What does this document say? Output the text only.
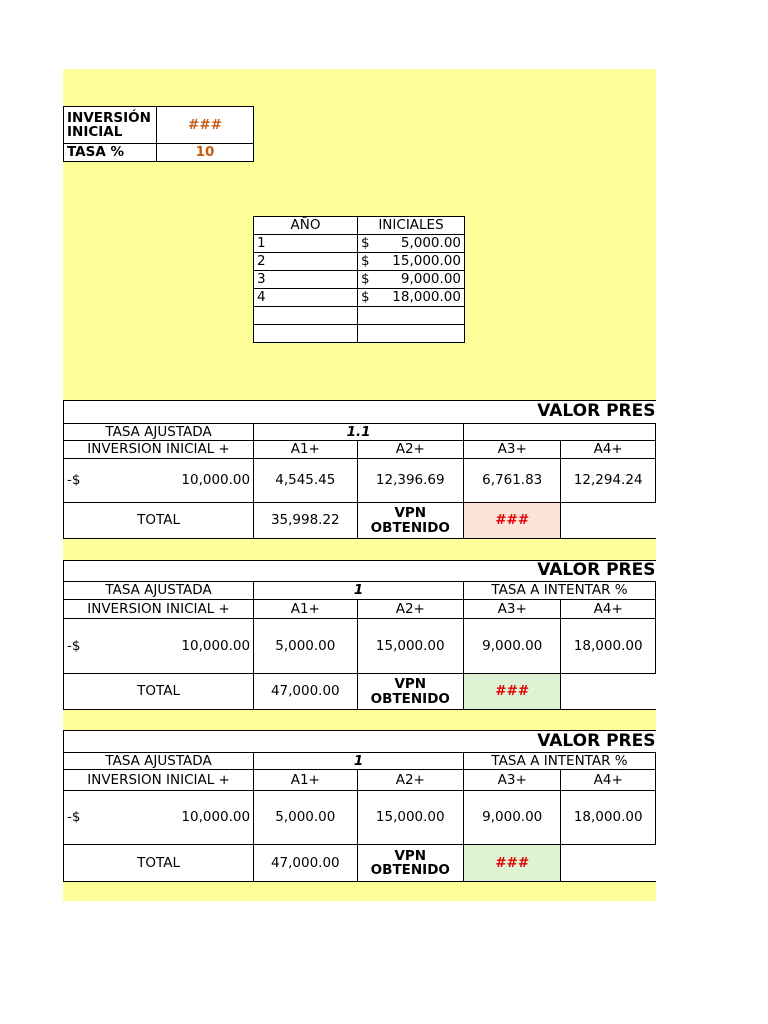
INVERSIÓN INICIAL	###
TASA %	10
AÑO	INICIALES
1	$ 5,000.00

2	$ 15,000.00

3	$ 9,000.00

4	$ 18,000.00

VALOR PRES				
TASA AJUSTADA	1.1			
INVERSION INICIAL +	A1+	A2+	A3+	A4+

-$ 10,000.00	4,545.45	12,396.69	6,761.83	12,294.24
TOTAL	35,998.22	VPN OBTENIDO	###	
VALOR PRES				
TASA AJUSTADA	1		TASA A INTENTAR %	
INVERSION INICIAL +	A1+	A2+	A3+	A4+

-$ 10,000.00	5,000.00	15,000.00	9,000.00	18,000.00
TOTAL	47,000.00	VPN OBTENIDO	###	
VALOR PRES				
TASA AJUSTADA	1		TASA A INTENTAR %	
INVERSION INICIAL +	A1+	A2+	A3+	A4+

-$ 10,000.00	5,000.00	15,000.00	9,000.00	18,000.00
TOTAL	47,000.00	VPN OBTENIDO	###	
